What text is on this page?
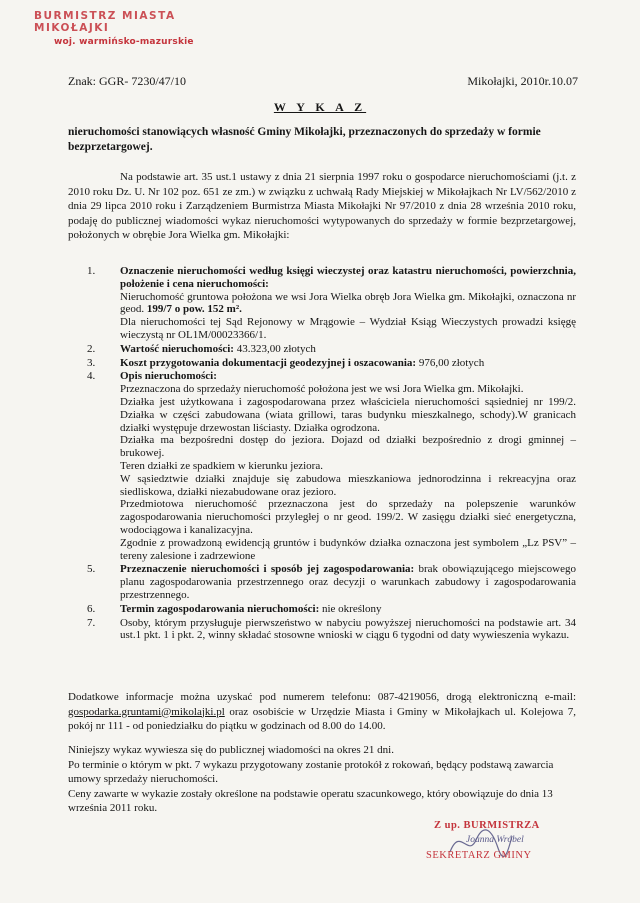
BURMISTRZ MIASTA MIKOŁAJKI
woj. warmińsko-mazurskie
Znak: GGR- 7230/47/10	Mikołajki, 2010r.10.07
W Y K A Z
nieruchomości stanowiących własność Gminy Mikołajki, przeznaczonych do sprzedaży w formie bezprzetargowej.
Na podstawie art. 35 ust.1 ustawy z dnia 21 sierpnia 1997 roku o gospodarce nieruchomościami (j.t. z 2010 roku Dz. U. Nr 102 poz. 651 ze zm.) w związku z uchwałą Rady Miejskiej w Mikołajkach Nr LV/562/2010 z dnia 29 lipca 2010 roku i Zarządzeniem Burmistrza Miasta Mikołajki Nr 97/2010 z dnia 28 września 2010 roku, podaję do publicznej wiadomości wykaz nieruchomości wytypowanych do sprzedaży w formie bezprzetargowej, położonych w obrębie Jora Wielka gm. Mikołajki:
1. Oznaczenie nieruchomości według księgi wieczystej oraz katastru nieruchomości, powierzchnia, położenie i cena nieruchomości:
Nieruchomość gruntowa położona we wsi Jora Wielka obręb Jora Wielka gm. Mikołajki, oznaczona nr geod. 199/7 o pow. 152 m².
Dla nieruchomości tej Sąd Rejonowy w Mrągowie – Wydział Ksiąg Wieczystych prowadzi księgę wieczystą nr OL1M/00023366/1.
2. Wartość nieruchomości: 43.323,00 złotych
3. Koszt przygotowania dokumentacji geodezyjnej i oszacowania: 976,00 złotych
4. Opis nieruchomości:
Przeznaczona do sprzedaży nieruchomość położona jest we wsi Jora Wielka gm. Mikołajki.
Działka jest użytkowana i zagospodarowana przez właściciela nieruchomości sąsiedniej nr 199/2. Działka w części zabudowana (wiata grillowi, taras budynku mieszkalnego, schody).W granicach działki występuje drzewostan liściasty. Działka ogrodzona.
Działka ma bezpośredni dostęp do jeziora. Dojazd od działki bezpośrednio z drogi gminnej – brukowej.
Teren działki ze spadkiem w kierunku jeziora.
W sąsiedztwie działki znajduje się zabudowa mieszkaniowa jednorodzinna i rekreacyjna oraz siedliskowa, działki niezabudowane oraz jezioro.
Przedmiotowa nieruchomość przeznaczona jest do sprzedaży na polepszenie warunków zagospodarowania nieruchomości przyległej o nr geod. 199/2. W zasięgu działki sieć energetyczna, wodociągowa i kanalizacyjna.
Zgodnie z prowadzoną ewidencją gruntów i budynków działka oznaczona jest symbolem „Lz PSV” – tereny zalesione i zadrzewione
5. Przeznaczenie nieruchomości i sposób jej zagospodarowania: brak obowiązującego miejscowego planu zagospodarowania przestrzennego oraz decyzji o warunkach zabudowy i zagospodarowania przestrzennego.
6. Termin zagospodarowania nieruchomości: nie określony
7. Osoby, którym przysługuje pierwszeństwo w nabyciu powyższej nieruchomości na podstawie art. 34 ust.1 pkt. 1 i pkt. 2, winny składać stosowne wnioski w ciągu 6 tygodni od daty wywieszenia wykazu.
Dodatkowe informacje można uzyskać pod numerem telefonu: 087-4219056, drogą elektroniczną e-mail: gospodarka.gruntami@mikolajki.pl oraz osobiście w Urzędzie Miasta i Gminy w Mikołajkach ul. Kolejowa 7, pokój nr 111 - od poniedziałku do piątku w godzinach od 8.00 do 14.00.
Niniejszy wykaz wywiesza się do publicznej wiadomości na okres 21 dni.
Po terminie o którym w pkt. 7 wykazu przygotowany zostanie protokół z rokowań, będący podstawą zawarcia umowy sprzedaży nieruchomości.
Ceny zawarte w wykazie zostały określone na podstawie operatu szacunkowego, który obowiązuje do dnia 13 września 2011 roku.
Z up. BURMISTRZA
Joanna Wróbel
SEKRETARZ GMINY
